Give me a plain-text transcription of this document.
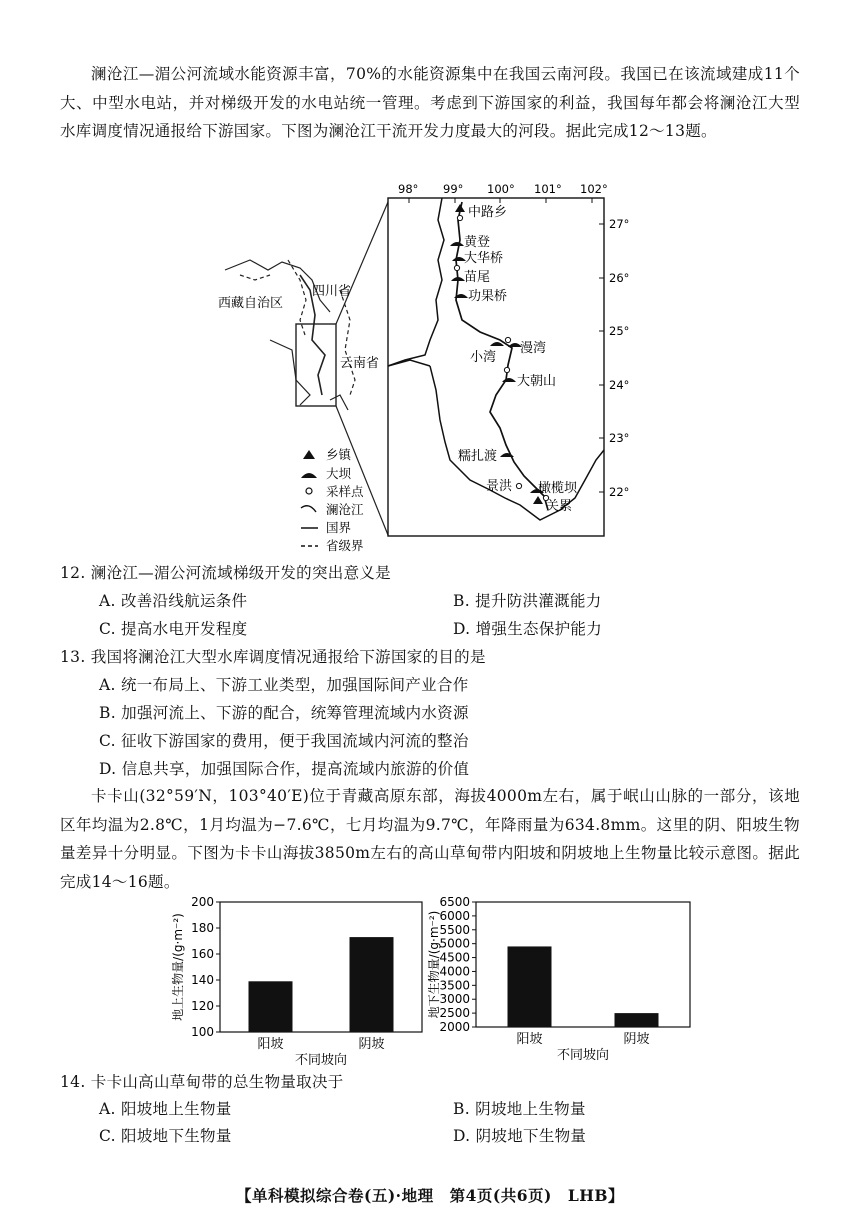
澜沧江—湄公河流域水能资源丰富，70%的水能资源集中在我国云南河段。我国已在该流域建成11个大、中型水电站，并对梯级开发的水电站统一管理。考虑到下游国家的利益，我国每年都会将澜沧江大型水库调度情况通报给下游国家。下图为澜沧江干流开发力度最大的河段。据此完成12～13题。
西藏自治区
四川省
云南省
乡镇
大坝
采样点
澜沧江
国界
省级界
98° 99° 100° 101° 102°
27°
26°
25°
24°
23°
22°
中路乡
黄登
大华桥
苗尾
功果桥
小湾
漫湾
大朝山
糯扎渡
景洪 橄榄坝
关累
12. 澜沧江—湄公河流域梯级开发的突出意义是
A. 改善沿线航运条件	B. 提升防洪灌溉能力
C. 提高水电开发程度	D. 增强生态保护能力
13. 我国将澜沧江大型水库调度情况通报给下游国家的目的是
A. 统一布局上、下游工业类型，加强国际间产业合作
B. 加强河流上、下游的配合，统筹管理流域内水资源
C. 征收下游国家的费用，便于我国流域内河流的整治
D. 信息共享，加强国际合作，提高流域内旅游的价值
卡卡山(32°59′N，103°40′E)位于青藏高原东部，海拔4000m左右，属于岷山山脉的一部分，该地区年均温为2.8℃，1月均温为−7.6℃，七月均温为9.7℃，年降雨量为634.8mm。这里的阴、阳坡生物量差异十分明显。下图为卡卡山海拔3850m左右的高山草甸带内阳坡和阴坡地上生物量比较示意图。据此完成14～16题。
100
120
140
160
180
200
阳坡	阴坡
不同坡向
地上生物量/(g·m⁻²)
2000
2500
3000
3500
4000
4500
5000
5500
6000
6500
阳坡	阴坡
不同坡向
地下生物量/(g·m⁻²)
14. 卡卡山高山草甸带的总生物量取决于
A. 阳坡地上生物量	B. 阴坡地上生物量
C. 阳坡地下生物量	D. 阴坡地下生物量
【单科模拟综合卷(五)·地理　第4页(共6页)　LHB】
